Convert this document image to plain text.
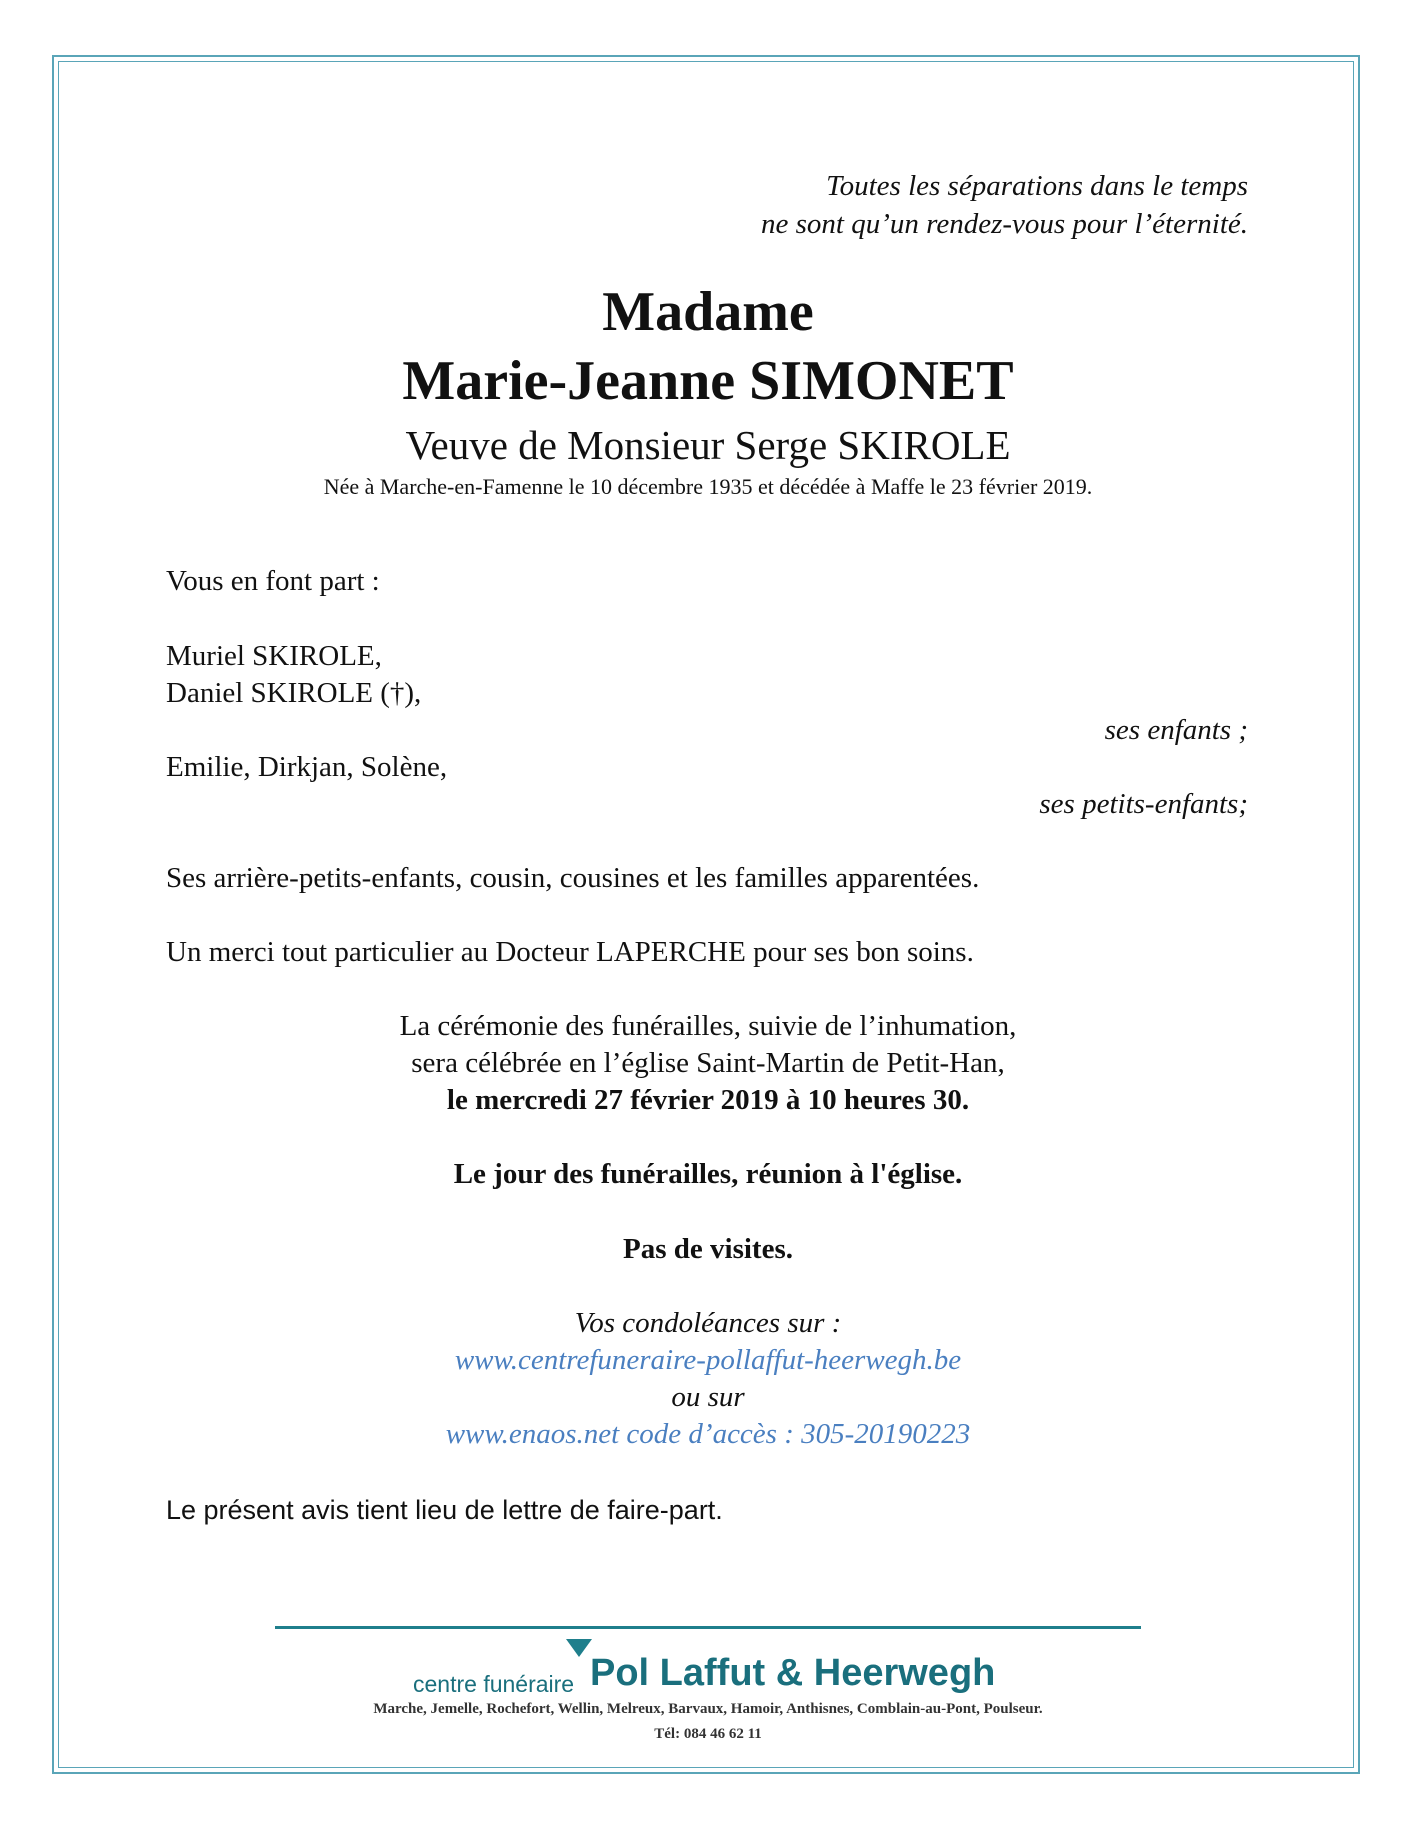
Toutes les séparations dans le temps
ne sont qu’un rendez-vous pour l’éternité.
Madame
Marie-Jeanne SIMONET
Veuve de Monsieur Serge SKIROLE
Née à Marche-en-Famenne le 10 décembre 1935 et décédée à Maffe le 23 février 2019.
Vous en font part :
Muriel SKIROLE,
Daniel SKIROLE (†),
ses enfants ;
Emilie, Dirkjan, Solène,
ses petits-enfants;
Ses arrière-petits-enfants, cousin, cousines et les familles apparentées.
Un merci tout particulier au Docteur LAPERCHE pour ses bon soins.
La cérémonie des funérailles, suivie de l’inhumation,
sera célébrée en l’église Saint-Martin de Petit-Han,
le mercredi 27 février 2019 à 10 heures 30.
Le jour des funérailles, réunion à l'église.
Pas de visites.
Vos condoléances sur :
www.centrefuneraire-pollaffut-heerwegh.be
ou sur
www.enaos.net code d’accès : 305-20190223
Le présent avis tient lieu de lettre de faire-part.
centre funéraire Pol Laffut & Heerwegh
Marche, Jemelle, Rochefort, Wellin, Melreux, Barvaux, Hamoir, Anthisnes, Comblain-au-Pont, Poulseur.
Tél: 084 46 62 11
